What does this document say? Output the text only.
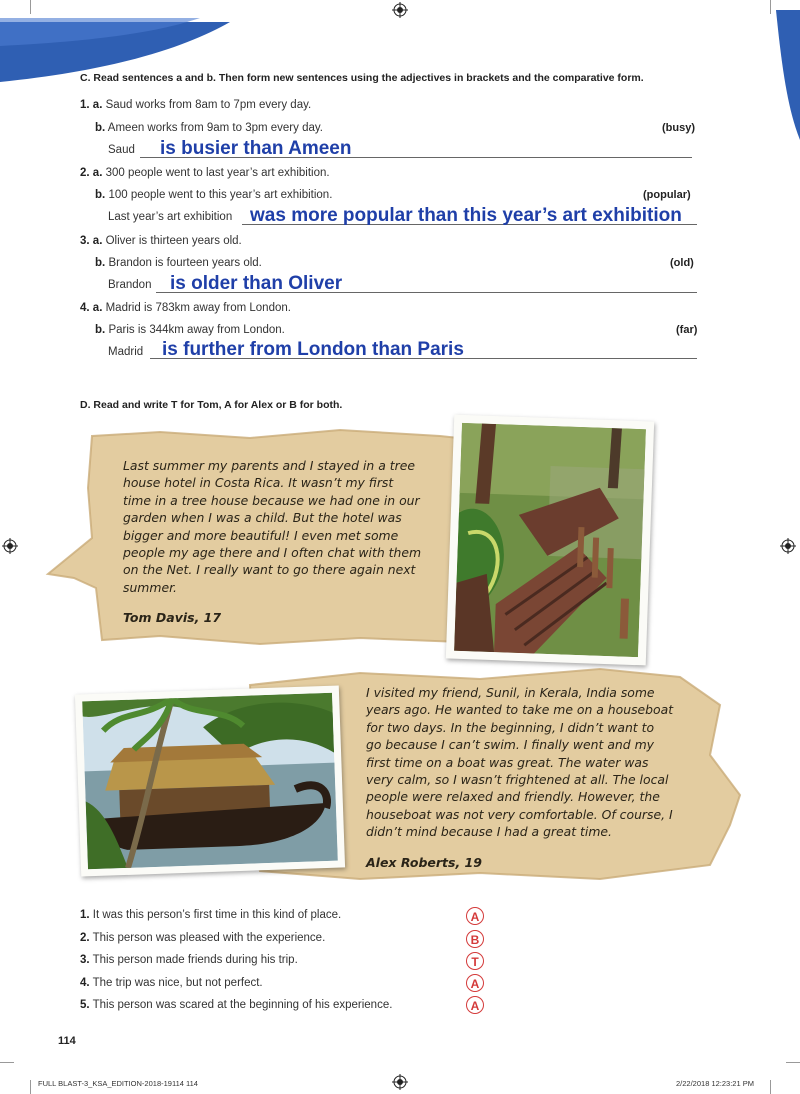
C. Read sentences a and b. Then form new sentences using the adjectives in brackets and the comparative form.
1. a. Saud works from 8am to 7pm every day.
b. Ameen works from 9am to 3pm every day.	(busy)
Saud is busier than Ameen
2. a. 300 people went to last year’s art exhibition.
b. 100 people went to this year’s art exhibition.	(popular)
Last year’s art exhibition was more popular than this year’s art exhibition
3. a. Oliver is thirteen years old.
b. Brandon is fourteen years old.	(old)
Brandon is older than Oliver
4. a. Madrid is 783km away from London.
b. Paris is 344km away from London.	(far)
Madrid is further from London than Paris
D. Read and write T for Tom, A for Alex or B for both.
Last summer my parents and I stayed in a tree
house hotel in Costa Rica. It wasn’t my first
time in a tree house because we had one in our
garden when I was a child. But the hotel was
bigger and more beautiful! I even met some
people my age there and I often chat with them
on the Net. I really want to go there again next
summer.
Tom Davis, 17
I visited my friend, Sunil, in Kerala, India some
years ago. He wanted to take me on a houseboat
for two days. In the beginning, I didn’t want to
go because I can’t swim. I finally went and my
first time on a boat was great. The water was
very calm, so I wasn’t frightened at all. The local
people were relaxed and friendly. However, the
houseboat was not very comfortable. Of course, I
didn’t mind because I had a great time.
Alex Roberts, 19
1. It was this person’s first time in this kind of place.	A
2. This person was pleased with the experience.	B
3. This person made friends during his trip.	T
4. The trip was nice, but not perfect.	A
5. This person was scared at the beginning of his experience.	A
114
FULL BLAST-3_KSA_EDITION-2018-19114 114	2/22/2018 12:23:21 PM
